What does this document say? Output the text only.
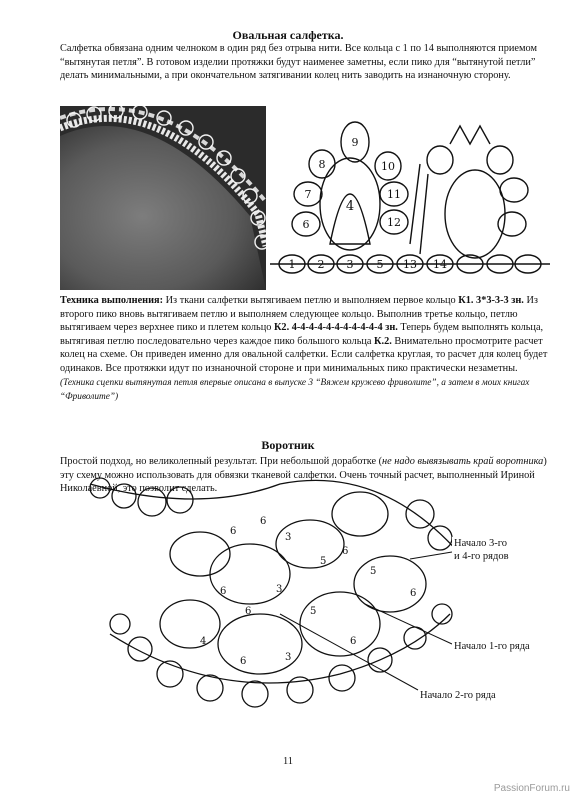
Овальная салфетка.
Салфетка обвязана одним челноком в один ряд без отрыва нити. Все кольца с 1 по 14 выполняются приемом “вытянутая петля”. В готовом изделии протяжки будут наименее заметны, если пико для “вытянутой петли” делать минимальными, а при окончательном затягивании колец нить заводить на изнаночную сторону.
1 2 3
4
5
6
7
8
9
10
11
12
13 14
Техника выполнения: Из ткани салфетки вытягиваем петлю и выполняем первое кольцо К1. 3*3-3-3 зн. Из второго пико вновь вытягиваем петлю и выполняем следующее кольцо. Выполнив третье кольцо, петлю вытягиваем через верхнее пико и плетем кольцо К2. 4-4-4-4-4-4-4-4-4-4-4 зн. Теперь будем выполнять кольца, вытягивая петлю последовательно через каждое пико большого кольца К.2. Внимательно просмотрите расчет колец на схеме. Он приведен именно для овальной салфетки. Если салфетка круглая, то расчет для колец будет одинаков. Все протяжки идут по изнаночной стороне и при минимальных пико практически незаметны. (Техника сцепки вытянутая петля впервые описана в выпуске 3 “Вяжем кружево фриволите”, а затем в моих книгах “Фриволите”)
Воротник
Простой подход, но великолепный результат. При небольшой доработке (не надо вывязывать край воротника) эту схему можно использовать для обвязки тканевой салфетки. Очень точный расчет, выполненный Ириной Николаевной, это позволит сделать.
6
6
3
5
6
5
6
6
3
5
6
6
4
6	3
Начало 3-го
и 4-го рядов
Начало 1-го ряда
Начало 2-го ряда
11
PassionForum.ru
